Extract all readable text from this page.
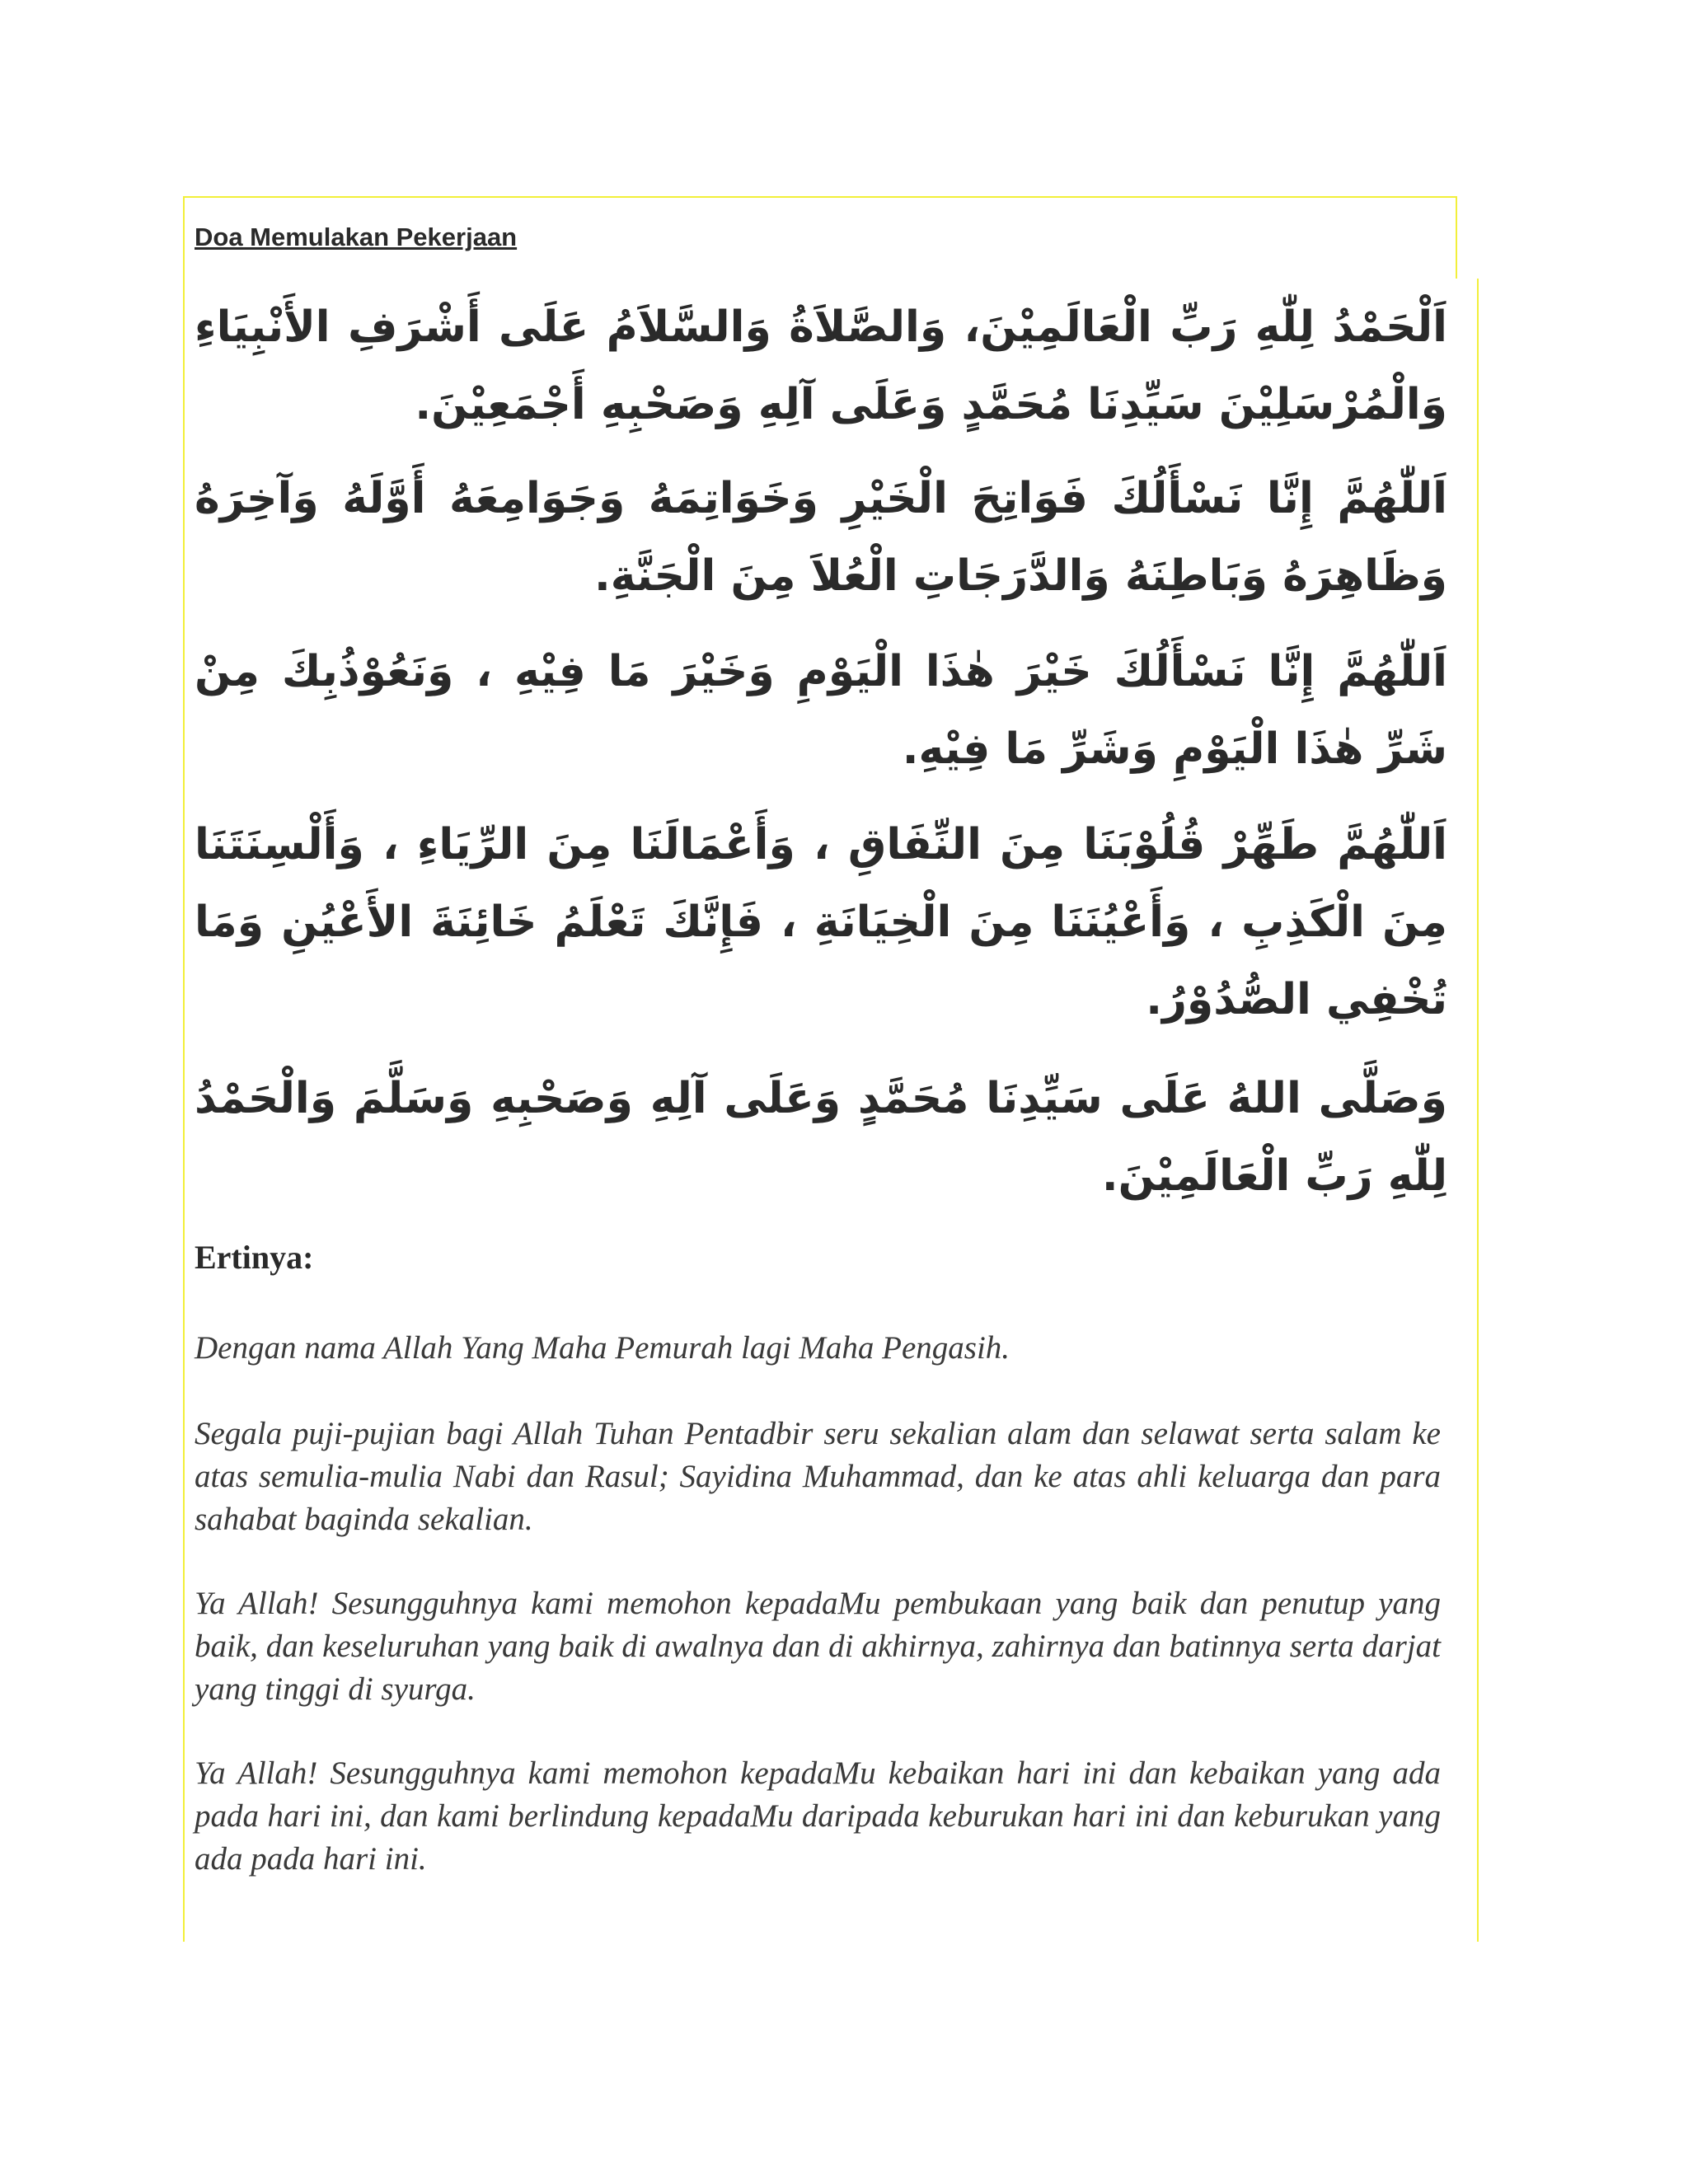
Doa Memulakan Pekerjaan

اَلْحَمْدُ لِلّٰهِ رَبِّ الْعَالَمِيْنَ، وَالصَّلاَةُ وَالسَّلاَمُ عَلَى أَشْرَفِ الأَنْبِيَاءِ وَالْمُرْسَلِيْنَ سَيِّدِنَا مُحَمَّدٍ وَعَلَى آلِهِ وَصَحْبِهِ أَجْمَعِيْنَ.

اَللّٰهُمَّ إِنَّا نَسْأَلُكَ فَوَاتِحَ الْخَيْرِ وَخَوَاتِمَهُ وَجَوَامِعَهُ أَوَّلَهُ وَآخِرَهُ وَظَاهِرَهُ وَبَاطِنَهُ وَالدَّرَجَاتِ الْعُلاَ مِنَ الْجَنَّةِ.

اَللّٰهُمَّ إِنَّا نَسْأَلُكَ خَيْرَ هٰذَا الْيَوْمِ وَخَيْرَ مَا فِيْهِ ، وَنَعُوْذُبِكَ مِنْ شَرِّ هٰذَا الْيَوْمِ وَشَرِّ مَا فِيْهِ.

اَللّٰهُمَّ طَهِّرْ قُلُوْبَنَا مِنَ النِّفَاقِ ، وَأَعْمَالَنَا مِنَ الرِّيَاءِ ، وَأَلْسِنَتَنَا مِنَ الْكَذِبِ ، وَأَعْيُنَنَا مِنَ الْخِيَانَةِ ، فَإِنَّكَ تَعْلَمُ خَائِنَةَ الأَعْيُنِ وَمَا تُخْفِي الصُّدُوْرُ.

وَصَلَّى اللهُ عَلَى سَيِّدِنَا مُحَمَّدٍ وَعَلَى آلِهِ وَصَحْبِهِ وَسَلَّمَ وَالْحَمْدُ لِلّٰهِ رَبِّ الْعَالَمِيْنَ.

Ertinya:

Dengan nama Allah Yang Maha Pemurah lagi Maha Pengasih.

Segala puji-pujian bagi Allah Tuhan Pentadbir seru sekalian alam dan selawat serta salam ke atas semulia-mulia Nabi dan Rasul; Sayidina Muhammad, dan ke atas ahli keluarga dan para sahabat baginda sekalian.

Ya Allah! Sesungguhnya kami memohon kepadaMu pembukaan yang baik dan penutup yang baik, dan keseluruhan yang baik di awalnya dan di akhirnya, zahirnya dan batinnya serta darjat yang tinggi di syurga.

Ya Allah! Sesungguhnya kami memohon kepadaMu kebaikan hari ini dan kebaikan yang ada pada hari ini, dan kami berlindung kepadaMu daripada keburukan hari ini dan keburukan yang ada pada hari ini.
